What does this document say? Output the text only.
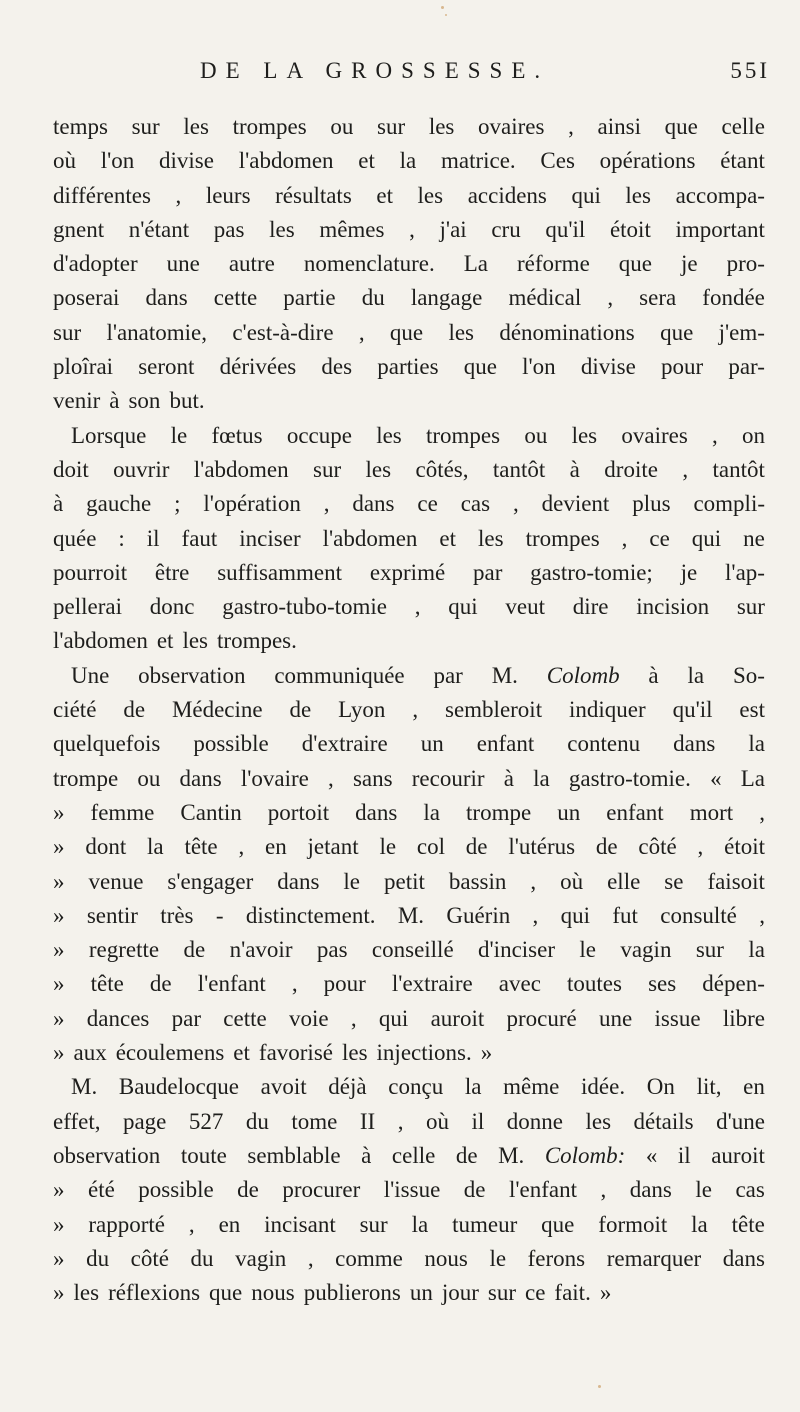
DE LA GROSSESSE.	55I
temps sur les trompes ou sur les ovaires , ainsi que celle
où l'on divise l'abdomen et la matrice. Ces opérations étant
différentes , leurs résultats et les accidens qui les accompa-
gnent n'étant pas les mêmes , j'ai cru qu'il étoit important
d'adopter une autre nomenclature. La réforme que je pro-
poserai dans cette partie du langage médical , sera fondée
sur l'anatomie, c'est-à-dire , que les dénominations que j'em-
ploîrai seront dérivées des parties que l'on divise pour par-
venir à son but.
Lorsque le fœtus occupe les trompes ou les ovaires , on
doit ouvrir l'abdomen sur les côtés, tantôt à droite , tantôt
à gauche ; l'opération , dans ce cas , devient plus compli-
quée : il faut inciser l'abdomen et les trompes , ce qui ne
pourroit être suffisamment exprimé par gastro-tomie; je l'ap-
pellerai donc gastro-tubo-tomie , qui veut dire incision sur
l'abdomen et les trompes.
Une observation communiquée par M. Colomb à la So-
ciété de Médecine de Lyon , sembleroit indiquer qu'il est
quelquefois possible d'extraire un enfant contenu dans la
trompe ou dans l'ovaire , sans recourir à la gastro-tomie. « La
» femme Cantin portoit dans la trompe un enfant mort ,
» dont la tête , en jetant le col de l'utérus de côté , étoit
» venue s'engager dans le petit bassin , où elle se faisoit
» sentir très - distinctement. M. Guérin , qui fut consulté ,
» regrette de n'avoir pas conseillé d'inciser le vagin sur la
» tête de l'enfant , pour l'extraire avec toutes ses dépen-
» dances par cette voie , qui auroit procuré une issue libre
» aux écoulemens et favorisé les injections. »
M. Baudelocque avoit déjà conçu la même idée. On lit, en
effet, page 527 du tome II , où il donne les détails d'une
observation toute semblable à celle de M. Colomb: « il auroit
» été possible de procurer l'issue de l'enfant , dans le cas
» rapporté , en incisant sur la tumeur que formoit la tête
» du côté du vagin , comme nous le ferons remarquer dans
» les réflexions que nous publierons un jour sur ce fait. »
